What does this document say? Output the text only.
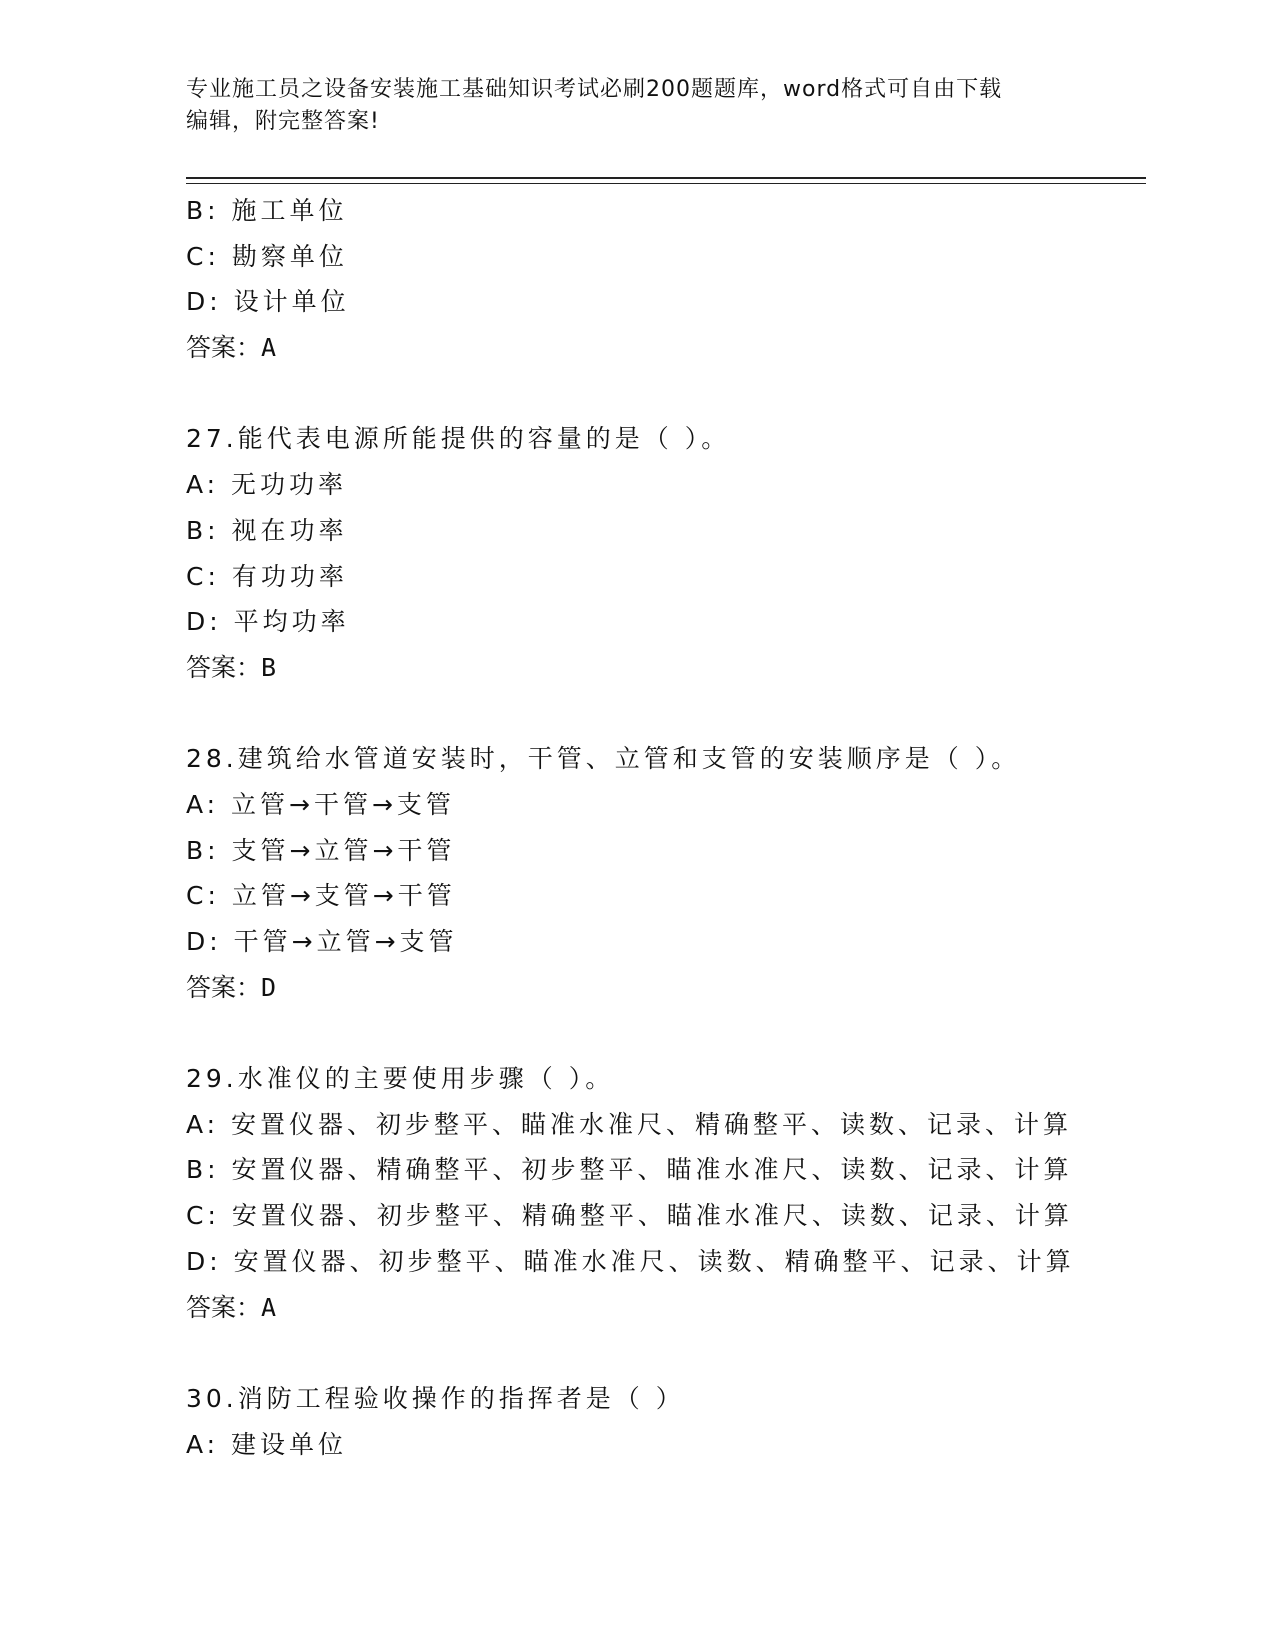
专业施工员之设备安装施工基础知识考试必刷200题题库，word格式可自由下载
编辑，附完整答案!
B: 施工单位
C: 勘察单位
D: 设计单位
答案：A
27.能代表电源所能提供的容量的是（ ）。
A: 无功功率
B: 视在功率
C: 有功功率
D: 平均功率
答案：B
28.建筑给水管道安装时，干管、立管和支管的安装顺序是（ ）。
A: 立管→干管→支管
B: 支管→立管→干管
C: 立管→支管→干管
D: 干管→立管→支管
答案：D
29.水准仪的主要使用步骤（ ）。
A: 安置仪器、初步整平、瞄准水准尺、精确整平、读数、记录、计算
B: 安置仪器、精确整平、初步整平、瞄准水准尺、读数、记录、计算
C: 安置仪器、初步整平、精确整平、瞄准水准尺、读数、记录、计算
D: 安置仪器、初步整平、瞄准水准尺、读数、精确整平、记录、计算
答案：A
30.消防工程验收操作的指挥者是（ ）
A: 建设单位
